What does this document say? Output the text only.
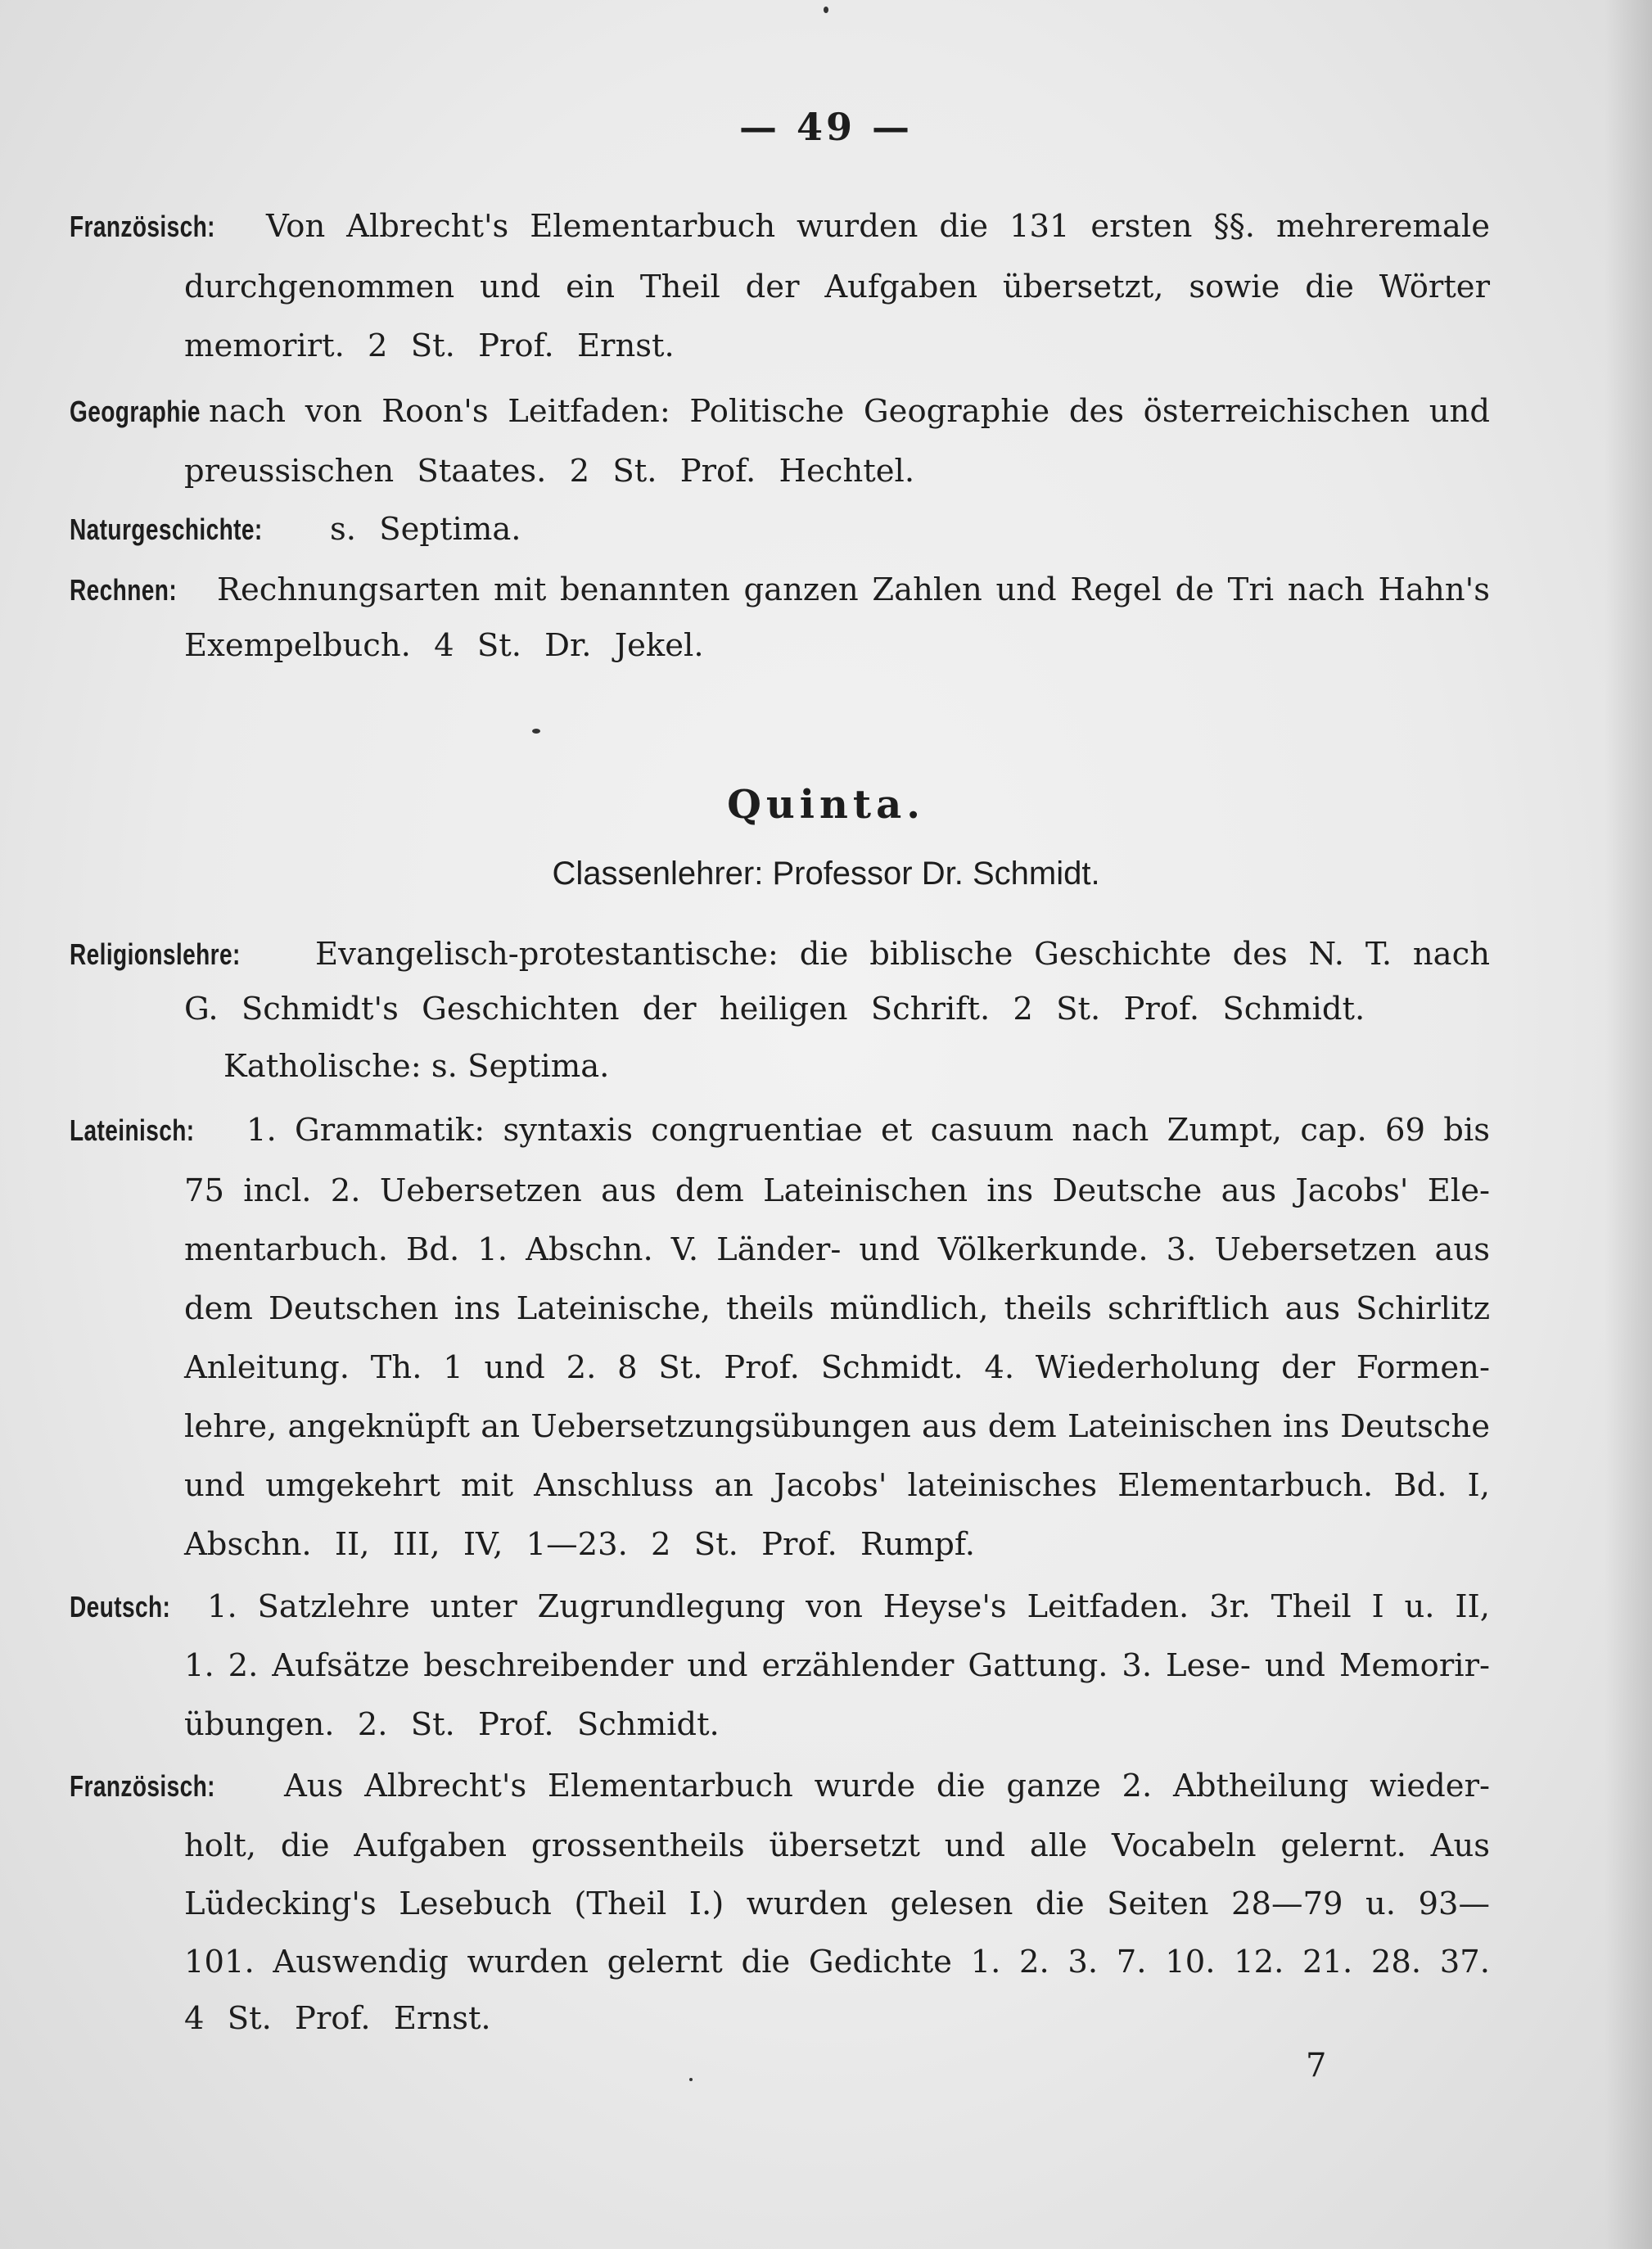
— 49 —
Französisch: Von Albrecht's Elementarbuch wurden die 131 ersten §§. mehreremale
durchgenommen und ein Theil der Aufgaben übersetzt, sowie die Wörter
memorirt. 2 St. Prof. Ernst.
Geographie nach von Roon's Leitfaden: Politische Geographie des österreichischen und
preussischen Staates. 2 St. Prof. Hechtel.
Naturgeschichte: s. Septima.
Rechnen: Rechnungsarten mit benannten ganzen Zahlen und Regel de Tri nach Hahn's
Exempelbuch. 4 St. Dr. Jekel.
Quinta.
Classenlehrer: Professor Dr. Schmidt.
Religionslehre: Evangelisch-protestantische: die biblische Geschichte des N. T. nach
G. Schmidt's Geschichten der heiligen Schrift. 2 St. Prof. Schmidt.
Katholische: s. Septima.
Lateinisch: 1. Grammatik: syntaxis congruentiae et casuum nach Zumpt, cap. 69 bis
75 incl. 2. Uebersetzen aus dem Lateinischen ins Deutsche aus Jacobs' Ele-
mentarbuch. Bd. 1. Abschn. V. Länder- und Völkerkunde. 3. Uebersetzen aus
dem Deutschen ins Lateinische, theils mündlich, theils schriftlich aus Schirlitz
Anleitung. Th. 1 und 2. 8 St. Prof. Schmidt. 4. Wiederholung der Formen-
lehre, angeknüpft an Uebersetzungsübungen aus dem Lateinischen ins Deutsche
und umgekehrt mit Anschluss an Jacobs' lateinisches Elementarbuch. Bd. I,
Abschn. II, III, IV, 1—23. 2 St. Prof. Rumpf.
Deutsch: 1. Satzlehre unter Zugrundlegung von Heyse's Leitfaden. 3r. Theil I u. II,
1. 2. Aufsätze beschreibender und erzählender Gattung. 3. Lese- und Memorir-
übungen. 2. St. Prof. Schmidt.
Französisch: Aus Albrecht's Elementarbuch wurde die ganze 2. Abtheilung wieder-
holt, die Aufgaben grossentheils übersetzt und alle Vocabeln gelernt. Aus
Lüdecking's Lesebuch (Theil I.) wurden gelesen die Seiten 28—79 u. 93—
101. Auswendig wurden gelernt die Gedichte 1. 2. 3. 7. 10. 12. 21. 28. 37.
4 St. Prof. Ernst.
7
